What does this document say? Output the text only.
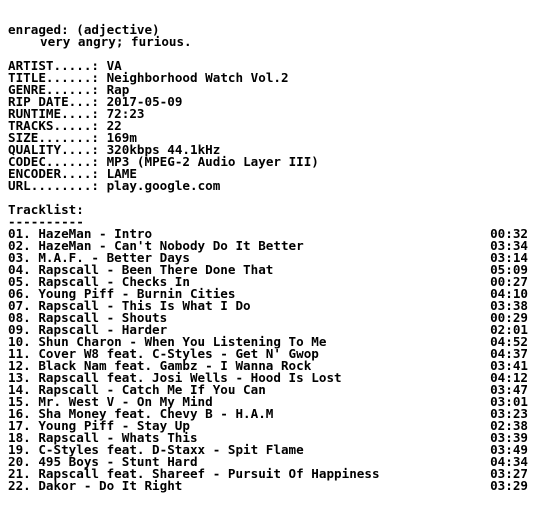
enraged: (adjective)
very angry; furious.
ARTIST.....: VA
TITLE......: Neighborhood Watch Vol.2
GENRE......: Rap
RIP DATE...: 2017-05-09
RUNTIME....: 72:23
TRACKS.....: 22
SIZE.......: 169m
QUALITY....: 320kbps 44.1kHz
CODEC......: MP3 (MPEG-2 Audio Layer III)
ENCODER....: LAME
URL........: play.google.com
Tracklist:
----------
01. HazeMan - Intro	00:32
02. HazeMan - Can't Nobody Do It Better	03:34
03. M.A.F. - Better Days	03:14
04. Rapscall - Been There Done That	05:09
05. Rapscall - Checks In	00:27
06. Young Piff - Burnin Cities	04:10
07. Rapscall - This Is What I Do	03:38
08. Rapscall - Shouts	00:29
09. Rapscall - Harder	02:01
10. Shun Charon - When You Listening To Me	04:52
11. Cover W8 feat. C-Styles - Get N' Gwop	04:37
12. Black Nam feat. Gambz - I Wanna Rock	03:41
13. Rapscall feat. Josi Wells - Hood Is Lost	04:12
14. Rapscall - Catch Me If You Can	03:47
15. Mr. West V - On My Mind	03:01
16. Sha Money feat. Chevy B - H.A.M	03:23
17. Young Piff - Stay Up	02:38
18. Rapscall - Whats This	03:39
19. C-Styles feat. D-Staxx - Spit Flame	03:49
20. 495 Boys - Stunt Hard	04:34
21. Rapscall feat. Shareef - Pursuit Of Happiness	03:27
22. Dakor - Do It Right	03:29
